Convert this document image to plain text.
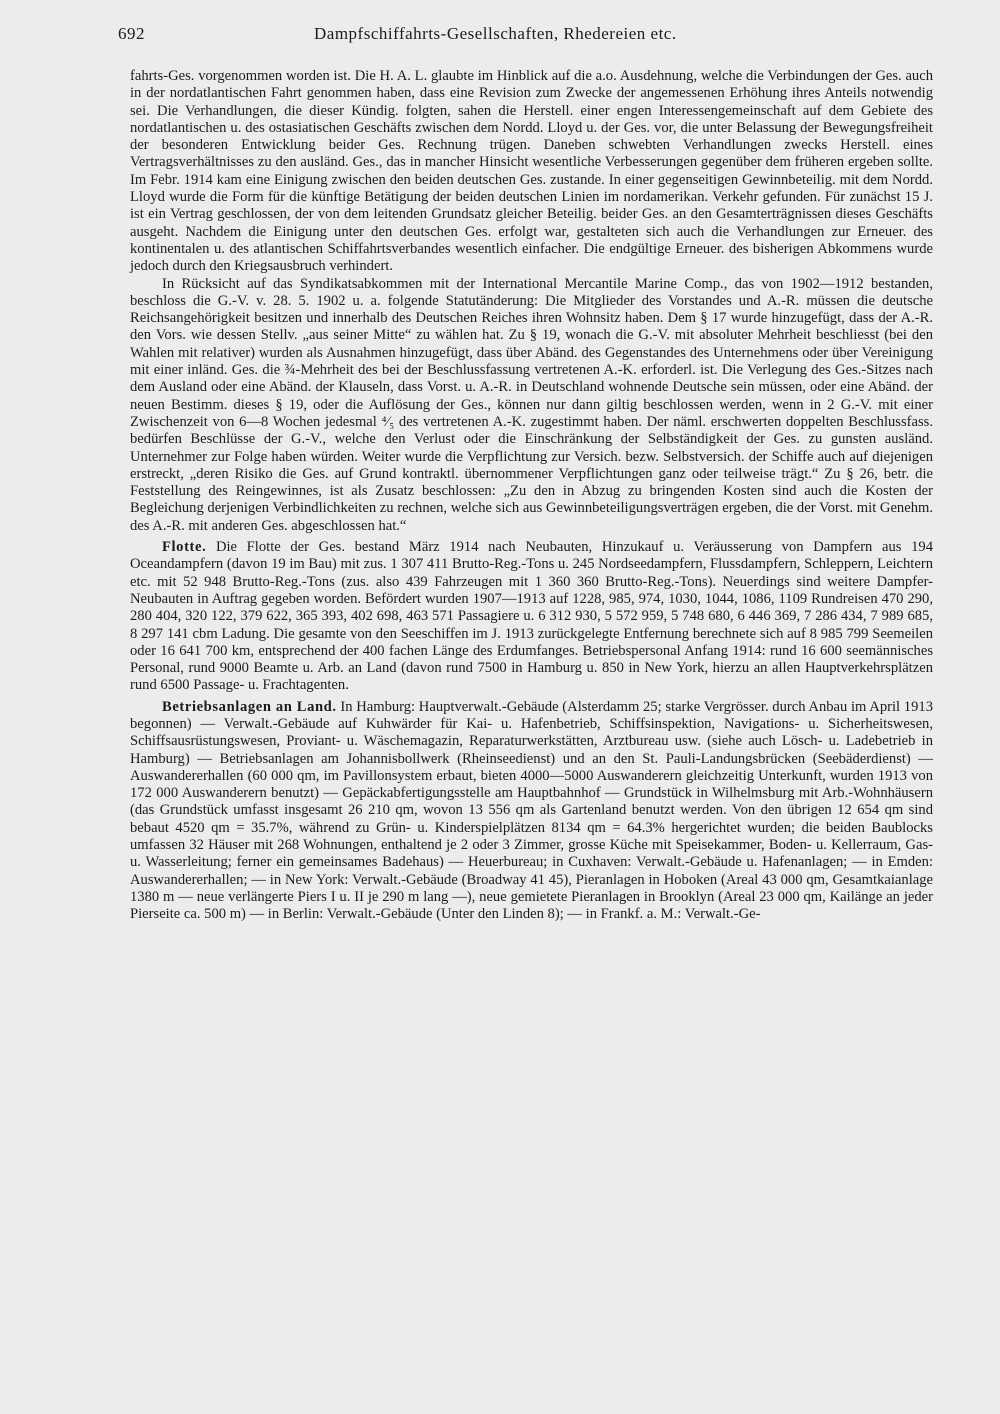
692	Dampfschiffahrts-Gesellschaften, Rhedereien etc.

fahrts-Ges. vorgenommen worden ist. Die H. A. L. glaubte im Hinblick auf die a.o. Ausdehnung, welche die Verbindungen der Ges. auch in der nordatlantischen Fahrt genommen haben, dass eine Revision zum Zwecke der angemessenen Erhöhung ihres Anteils notwendig sei. Die Verhandlungen, die dieser Kündig. folgten, sahen die Herstell. einer engen Interessengemeinschaft auf dem Gebiete des nordatlantischen u. des ostasiatischen Geschäfts zwischen dem Nordd. Lloyd u. der Ges. vor, die unter Belassung der Bewegungsfreiheit der besonderen Entwicklung beider Ges. Rechnung trügen. Daneben schwebten Verhandlungen zwecks Herstell. eines Vertragsverhältnisses zu den ausländ. Ges., das in mancher Hinsicht wesentliche Verbesserungen gegenüber dem früheren ergeben sollte. Im Febr. 1914 kam eine Einigung zwischen den beiden deutschen Ges. zustande. In einer gegenseitigen Gewinnbeteilig. mit dem Nordd. Lloyd wurde die Form für die künftige Betätigung der beiden deutschen Linien im nordamerikan. Verkehr gefunden. Für zunächst 15 J. ist ein Vertrag geschlossen, der von dem leitenden Grundsatz gleicher Beteilig. beider Ges. an den Gesamterträgnissen dieses Geschäfts ausgeht. Nachdem die Einigung unter den deutschen Ges. erfolgt war, gestalteten sich auch die Verhandlungen zur Erneuer. des kontinentalen u. des atlantischen Schiffahrtsverbandes wesentlich einfacher. Die endgültige Erneuer. des bisherigen Abkommens wurde jedoch durch den Kriegsausbruch verhindert.

In Rücksicht auf das Syndikatsabkommen mit der International Mercantile Marine Comp., das von 1902—1912 bestanden, beschloss die G.-V. v. 28. 5. 1902 u. a. folgende Statutänderung: Die Mitglieder des Vorstandes und A.-R. müssen die deutsche Reichsangehörigkeit besitzen und innerhalb des Deutschen Reiches ihren Wohnsitz haben. Dem § 17 wurde hinzugefügt, dass der A.-R. den Vors. wie dessen Stellv. „aus seiner Mitte“ zu wählen hat. Zu § 19, wonach die G.-V. mit absoluter Mehrheit beschliesst (bei den Wahlen mit relativer) wurden als Ausnahmen hinzugefügt, dass über Abänd. des Gegenstandes des Unternehmens oder über Vereinigung mit einer inländ. Ges. die ¾-Mehrheit des bei der Beschlussfassung vertretenen A.-K. erforderl. ist. Die Verlegung des Ges.-Sitzes nach dem Ausland oder eine Abänd. der Klauseln, dass Vorst. u. A.-R. in Deutschland wohnende Deutsche sein müssen, oder eine Abänd. der neuen Bestimm. dieses § 19, oder die Auflösung der Ges., können nur dann giltig beschlossen werden, wenn in 2 G.-V. mit einer Zwischenzeit von 6—8 Wochen jedesmal ⁴⁄₅ des vertretenen A.-K. zugestimmt haben. Der näml. erschwerten doppelten Beschlussfass. bedürfen Beschlüsse der G.-V., welche den Verlust oder die Einschränkung der Selbständigkeit der Ges. zu gunsten ausländ. Unternehmer zur Folge haben würden. Weiter wurde die Verpflichtung zur Versich. bezw. Selbstversich. der Schiffe auch auf diejenigen erstreckt, „deren Risiko die Ges. auf Grund kontraktl. übernommener Verpflichtungen ganz oder teilweise trägt.“ Zu § 26, betr. die Feststellung des Reingewinnes, ist als Zusatz beschlossen: „Zu den in Abzug zu bringenden Kosten sind auch die Kosten der Begleichung derjenigen Verbindlichkeiten zu rechnen, welche sich aus Gewinnbeteiligungsverträgen ergeben, die der Vorst. mit Genehm. des A.-R. mit anderen Ges. abgeschlossen hat.“

Flotte. Die Flotte der Ges. bestand März 1914 nach Neubauten, Hinzukauf u. Veräusserung von Dampfern aus 194 Oceandampfern (davon 19 im Bau) mit zus. 1 307 411 Brutto-Reg.-Tons u. 245 Nordseedampfern, Flussdampfern, Schleppern, Leichtern etc. mit 52 948 Brutto-Reg.-Tons (zus. also 439 Fahrzeugen mit 1 360 360 Brutto-Reg.-Tons). Neuerdings sind weitere Dampfer-Neubauten in Auftrag gegeben worden. Befördert wurden 1907—1913 auf 1228, 985, 974, 1030, 1044, 1086, 1109 Rundreisen 470 290, 280 404, 320 122, 379 622, 365 393, 402 698, 463 571 Passagiere u. 6 312 930, 5 572 959, 5 748 680, 6 446 369, 7 286 434, 7 989 685, 8 297 141 cbm Ladung. Die gesamte von den Seeschiffen im J. 1913 zurückgelegte Entfernung berechnete sich auf 8 985 799 Seemeilen oder 16 641 700 km, entsprechend der 400 fachen Länge des Erdumfanges. Betriebspersonal Anfang 1914: rund 16 600 seemännisches Personal, rund 9000 Beamte u. Arb. an Land (davon rund 7500 in Hamburg u. 850 in New York, hierzu an allen Hauptverkehrsplätzen rund 6500 Passage- u. Frachtagenten.

Betriebsanlagen an Land. In Hamburg: Hauptverwalt.-Gebäude (Alsterdamm 25; starke Vergrösser. durch Anbau im April 1913 begonnen) — Verwalt.-Gebäude auf Kuhwärder für Kai- u. Hafenbetrieb, Schiffsinspektion, Navigations- u. Sicherheitswesen, Schiffsausrüstungswesen, Proviant- u. Wäschemagazin, Reparaturwerkstätten, Arztbureau usw. (siehe auch Lösch- u. Ladebetrieb in Hamburg) — Betriebsanlagen am Johannisbollwerk (Rheinseedienst) und an den St. Pauli-Landungsbrücken (Seebäderdienst) — Auswandererhallen (60 000 qm, im Pavillonsystem erbaut, bieten 4000—5000 Auswanderern gleichzeitig Unterkunft, wurden 1913 von 172 000 Auswanderern benutzt) — Gepäckabfertigungsstelle am Hauptbahnhof — Grundstück in Wilhelmsburg mit Arb.-Wohnhäusern (das Grundstück umfasst insgesamt 26 210 qm, wovon 13 556 qm als Gartenland benutzt werden. Von den übrigen 12 654 qm sind bebaut 4520 qm = 35.7%, während zu Grün- u. Kinderspielplätzen 8134 qm = 64.3% hergerichtet wurden; die beiden Baublocks umfassen 32 Häuser mit 268 Wohnungen, enthaltend je 2 oder 3 Zimmer, grosse Küche mit Speisekammer, Boden- u. Kellerraum, Gas- u. Wasserleitung; ferner ein gemeinsames Badehaus) — Heuerbureau; in Cuxhaven: Verwalt.-Gebäude u. Hafenanlagen; — in Emden: Auswandererhallen; — in New York: Verwalt.-Gebäude (Broadway 41 45), Pieranlagen in Hoboken (Areal 43 000 qm, Gesamtkaianlage 1380 m — neue verlängerte Piers I u. II je 290 m lang —), neue gemietete Pieranlagen in Brooklyn (Areal 23 000 qm, Kailänge an jeder Pierseite ca. 500 m) — in Berlin: Verwalt.-Gebäude (Unter den Linden 8); — in Frankf. a. M.: Verwalt.-Ge-
